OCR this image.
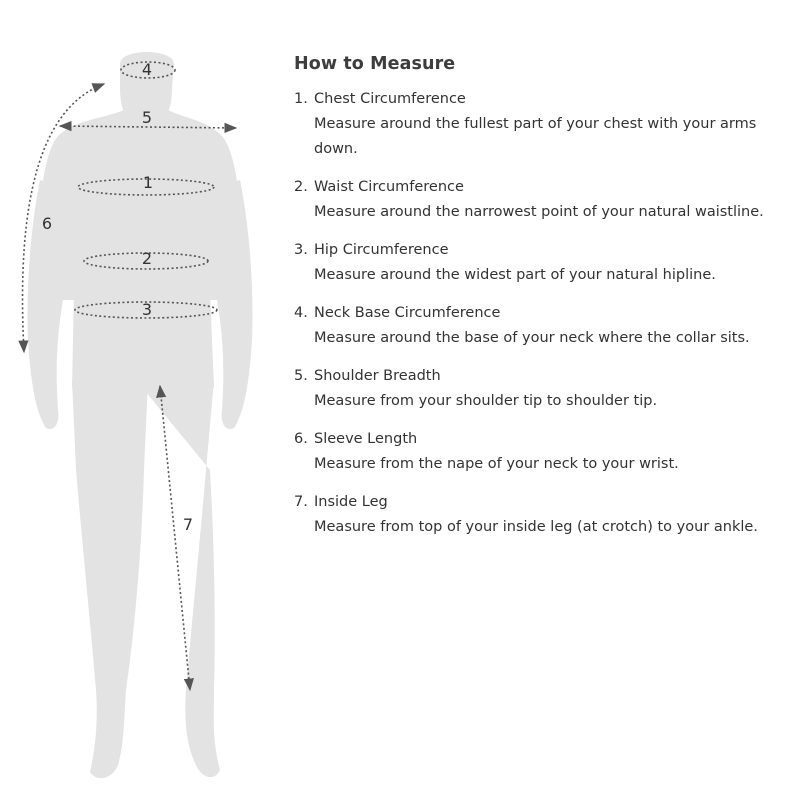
4
5
1
2
3
6
7
How to Measure
1. Chest Circumference
Measure around the fullest part of your chest with your arms down.
2. Waist Circumference
Measure around the narrowest point of your natural waistline.
3. Hip Circumference
Measure around the widest part of your natural hipline.
4. Neck Base Circumference
Measure around the base of your neck where the collar sits.
5. Shoulder Breadth
Measure from your shoulder tip to shoulder tip.
6. Sleeve Length
Measure from the nape of your neck to your wrist.
7. Inside Leg
Measure from top of your inside leg (at crotch) to your ankle.
